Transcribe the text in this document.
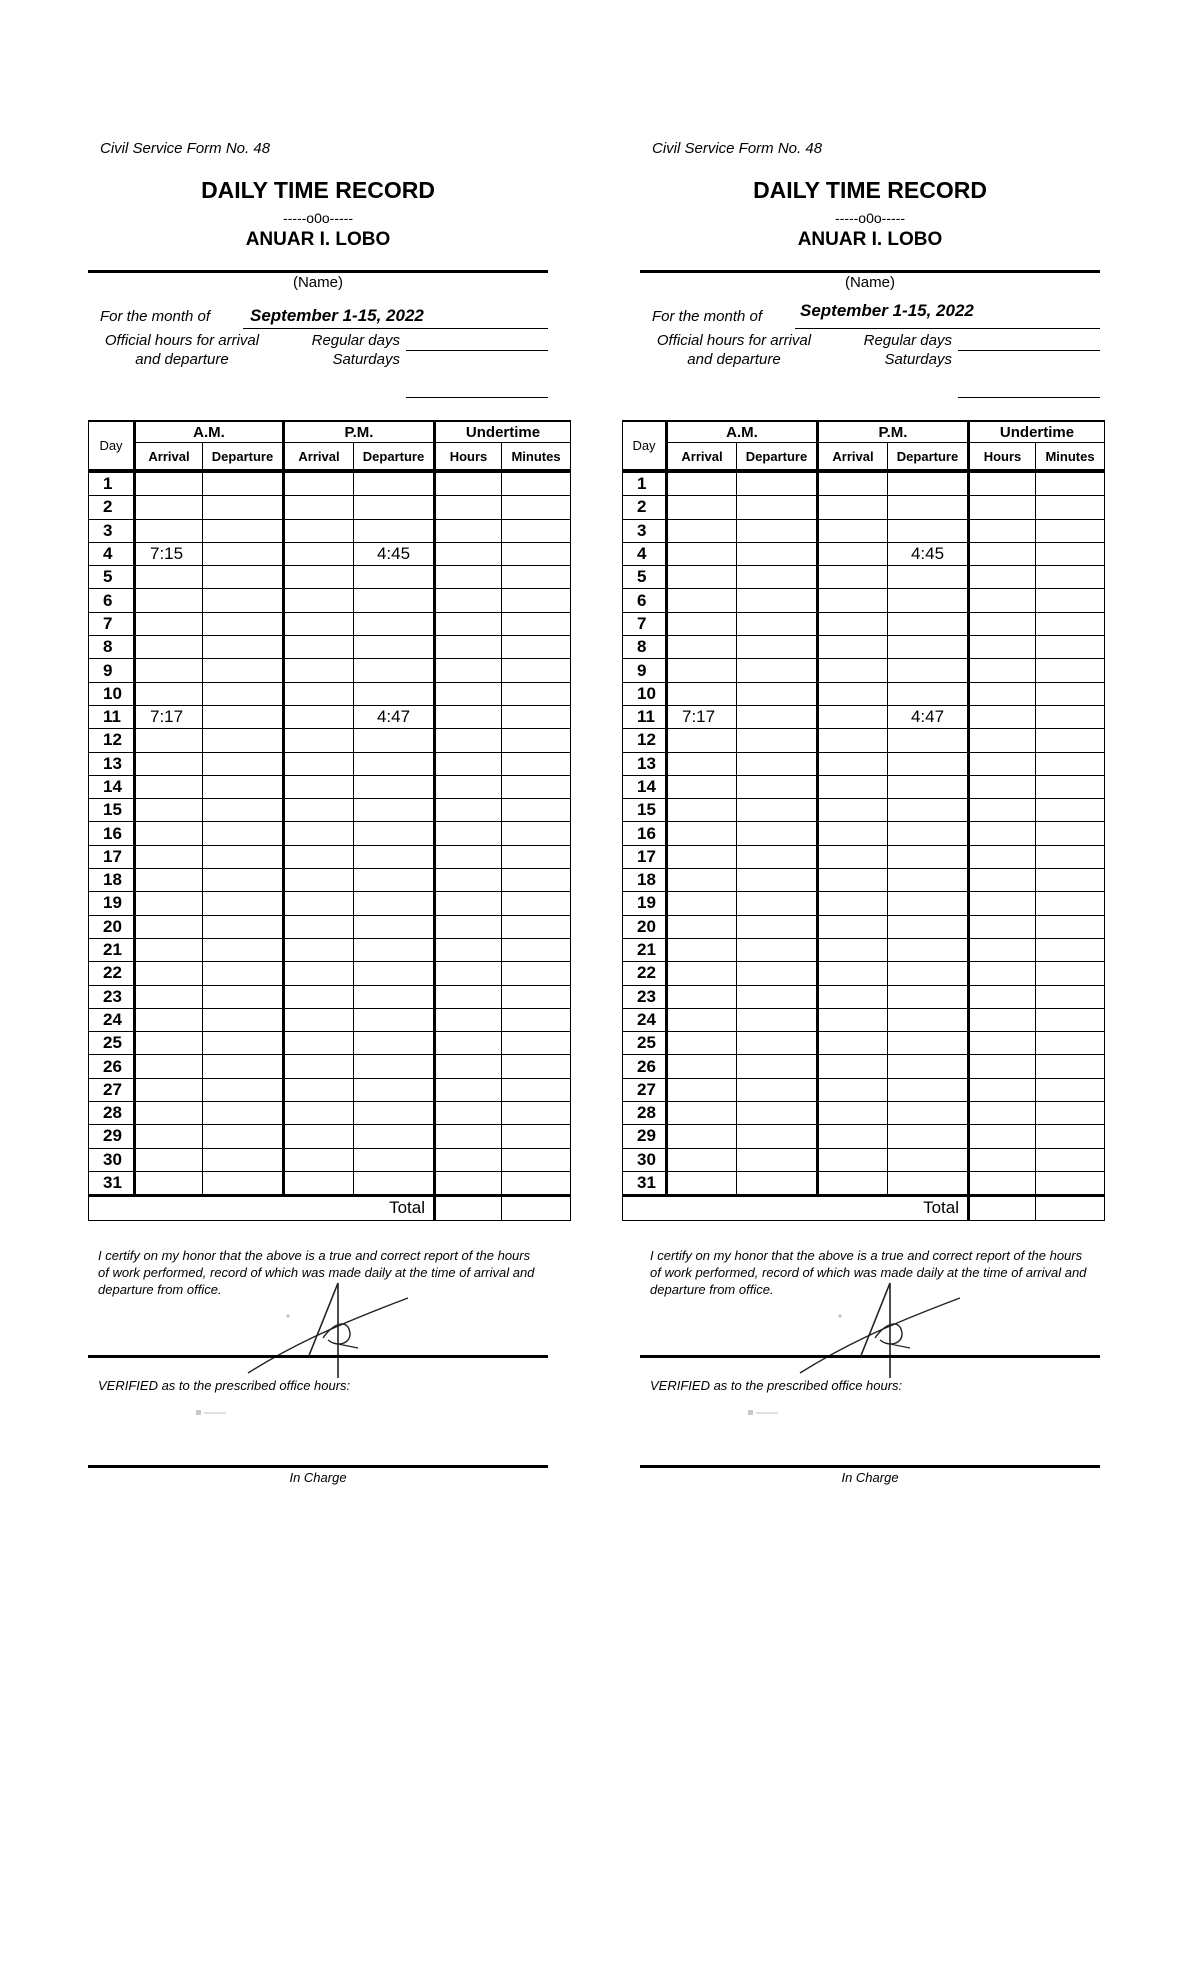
Civil Service Form No. 48
DAILY TIME RECORD
-----o0o-----
ANUAR I. LOBO
(Name)
For the month of September 1-15, 2022
Official hours for arrival
and departure
Regular days
Saturdays
Day	A.M.		P.M.		Undertime	
	Arrival	Departure	Arrival	Departure	Hours	Minutes
1						
2						
3						
4	7:15			4:45		
5						
6						
7						
8						
9						
10						
11	7:17			4:47		
12						
13						
14						
15						
16						
17						
18						
19						
20						
21						
22						
23						
24						
25						
26						
27						
28						
29						
30						
31						
Total						
I certify on my honor that the above is a true and correct report of the hours of work performed, record of which was made daily at the time of arrival and departure from office.
VERIFIED as to the prescribed office hours:
In Charge
Civil Service Form No. 48
DAILY TIME RECORD
-----o0o-----
ANUAR I. LOBO
(Name)
For the month of September 1-15, 2022
Official hours for arrival
and departure
Regular days
Saturdays
Day	A.M.		P.M.		Undertime	
	Arrival	Departure	Arrival	Departure	Hours	Minutes
1						
2						
3						
4				4:45		
5						
6						
7						
8						
9						
10						
11	7:17			4:47		
12						
13						
14						
15						
16						
17						
18						
19						
20						
21						
22						
23						
24						
25						
26						
27						
28						
29						
30						
31						
Total						
I certify on my honor that the above is a true and correct report of the hours of work performed, record of which was made daily at the time of arrival and departure from office.
VERIFIED as to the prescribed office hours:
In Charge
